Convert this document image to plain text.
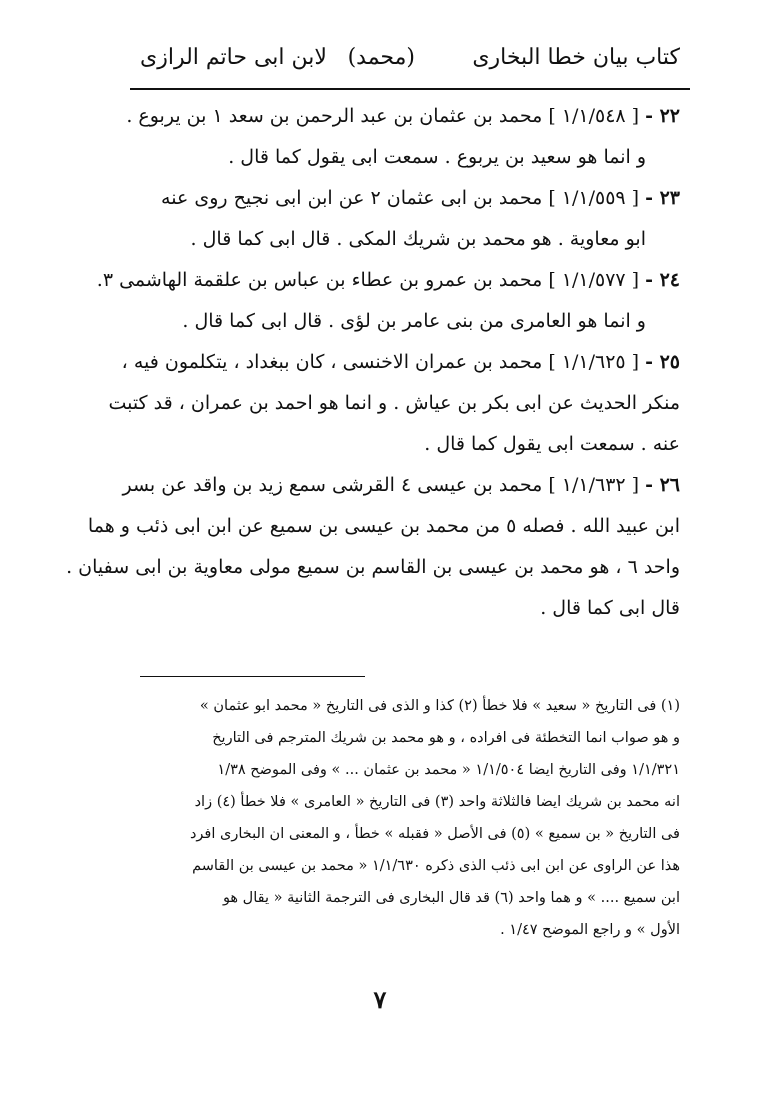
كتاب بيان خطا البخارى
(محمد)
لابن ابى حاتم الرازى

٢٢ -[ ١/١/٥٤٨ ] محمد بن عثمان بن عبد الرحمن بن سعد ١ بن يربوع .
و انما هو سعيد بن يربوع . سمعت ابى يقول كما قال .

٢٣ -[ ١/١/٥٥٩ ] محمد بن ابى عثمان ٢ عن ابن ابى نجيح روى عنه
ابو معاوية . هو محمد بن شريك المكى . قال ابى كما قال .

٢٤ -[ ١/١/٥٧٧ ] محمد بن عمرو بن عطاء بن عباس بن علقمة الهاشمى ٣.
و انما هو العامرى من بنى عامر بن لؤى . قال ابى كما قال .

٢٥ -[ ١/١/٦٢٥ ] محمد بن عمران الاخنسى ، كان ببغداد ، يتكلمون فيه ،
منكر الحديث عن ابى بكر بن عياش . و انما هو احمد بن عمران ، قد كتبت
عنه . سمعت ابى يقول كما قال .

٢٦ -[ ١/١/٦٣٢ ] محمد بن عيسى ٤ القرشى سمع زيد بن واقد عن بسر
ابن عبيد الله . فصله ٥ من محمد بن عيسى بن سميع عن ابن ابى ذئب و هما
واحد ٦ ، هو محمد بن عيسى بن القاسم بن سميع مولى معاوية بن ابى سفيان .
قال ابى كما قال .

(١) فى التاريخ « سعيد » فلا خطأ (٢) كذا و الذى فى التاريخ « محمد ابو عثمان »
و هو صواب انما التخطئة فى افراده ، و هو محمد بن شريك المترجم فى التاريخ
١/١/٣٢١ وفى التاريخ ايضا ١/١/٥٠٤ « محمد بن عثمان ... » وفى الموضح ١/٣٨
انه محمد بن شريك ايضا فالثلاثة واحد (٣) فى التاريخ « العامرى » فلا خطأ (٤) زاد
فى التاريخ « بن سميع » (٥) فى الأصل « فقبله » خطأ ، و المعنى ان البخارى افرد
هذا عن الراوى عن ابن ابى ذئب الذى ذكره ١/١/٦٣٠ « محمد بن عيسى بن القاسم
ابن سميع .... » و هما واحد (٦) قد قال البخارى فى الترجمة الثانية « يقال هو
الأول » و راجع الموضح ١/٤٧ .
٧
